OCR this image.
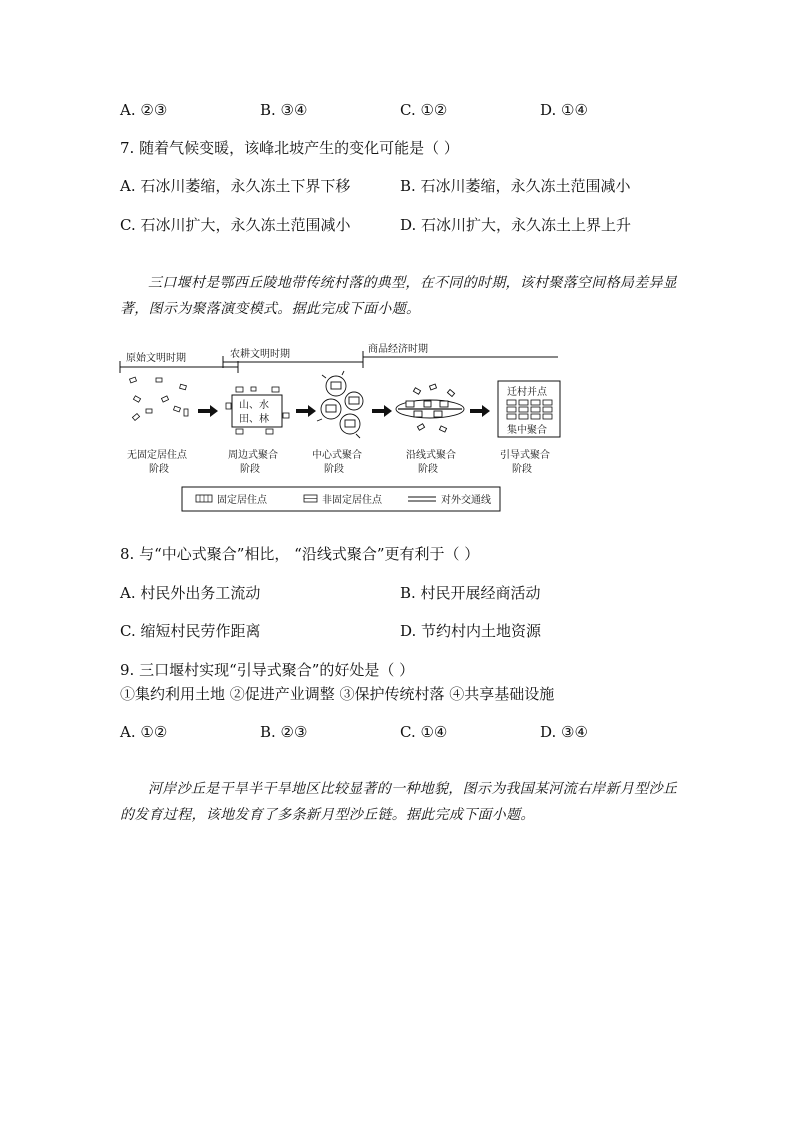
A. ②③	B. ③④	C. ①②	D. ①④
7. 随着气候变暖，该峰北坡产生的变化可能是（ ）
A. 石冰川萎缩，永久冻土下界下移	B. 石冰川萎缩，永久冻土范围减小
C. 石冰川扩大，永久冻土范围减小	D. 石冰川扩大，永久冻土上界上升
三口堰村是鄂西丘陵地带传统村落的典型，在不同的时期，该村聚落空间格局差异显著，图示为聚落演变模式。据此完成下面小题。
原始文明时期	农耕文明时期	商品经济时期
山、水
田、林
迁村并点
集中聚合
无固定居住点
阶段
周边式聚合
阶段
中心式聚合
阶段
沿线式聚合
阶段
引导式聚合
阶段
固定居住点	非固定居住点	对外交通线
8. 与“中心式聚合”相比， “沿线式聚合”更有利于（ ）
A. 村民外出务工流动	B. 村民开展经商活动
C. 缩短村民劳作距离	D. 节约村内土地资源
9. 三口堰村实现“引导式聚合”的好处是（ ）
①集约利用土地 ②促进产业调整 ③保护传统村落 ④共享基础设施
A. ①②	B. ②③	C. ①④	D. ③④
河岸沙丘是干旱半干旱地区比较显著的一种地貌，图示为我国某河流右岸新月型沙丘的发育过程，该地发育了多条新月型沙丘链。据此完成下面小题。
